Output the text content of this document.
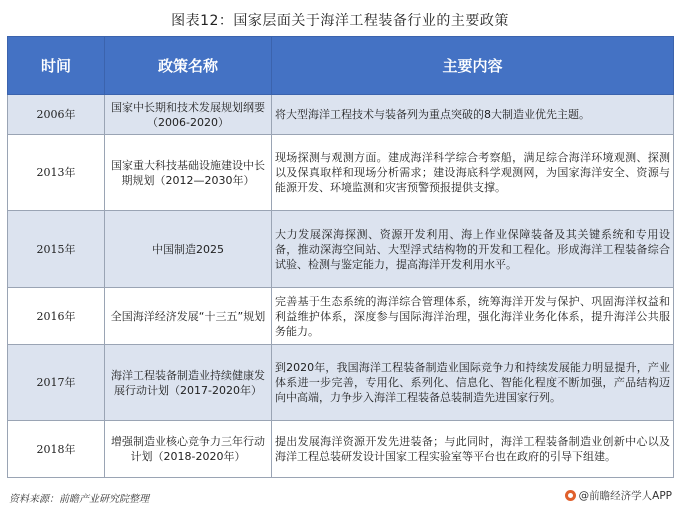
图表12：国家层面关于海洋工程装备行业的主要政策
时间	政策名称	主要内容
2006年	国家中长期和技术发展规划纲要（2006-2020）	将大型海洋工程技术与装备列为重点突破的8大制造业优先主题。
2013年	国家重大科技基础设施建设中长期规划（2012—2030年）	现场探测与观测方面。建成海洋科学综合考察船，满足综合海洋环境观测、探测以及保真取样和现场分析需求；建设海底科学观测网，为国家海洋安全、资源与能源开发、环境监测和灾害预警预报提供支撑。
2015年	中国制造2025	大力发展深海探测、资源开发利用、海上作业保障装备及其关键系统和专用设备，推动深海空间站、大型浮式结构物的开发和工程化。形成海洋工程装备综合试验、检测与鉴定能力，提高海洋开发利用水平。
2016年	全国海洋经济发展“十三五”规划	完善基于生态系统的海洋综合管理体系，统筹海洋开发与保护、巩固海洋权益和利益维护体系，深度参与国际海洋治理，强化海洋业务化体系，提升海洋公共服务能力。
2017年	海洋工程装备制造业持续健康发展行动计划（2017-2020年）	到2020年，我国海洋工程装备制造业国际竞争力和持续发展能力明显提升，产业体系进一步完善，专用化、系列化、信息化、智能化程度不断加强，产品结构迈向中高端，力争步入海洋工程装备总装制造先进国家行列。
2018年	增强制造业核心竞争力三年行动计划（2018-2020年）	提出发展海洋资源开发先进装备；与此同时，海洋工程装备制造业创新中心以及海洋工程总装研发设计国家工程实验室等平台也在政府的引导下组建。
资料来源：前瞻产业研究院整理	@前瞻经济学人APP
